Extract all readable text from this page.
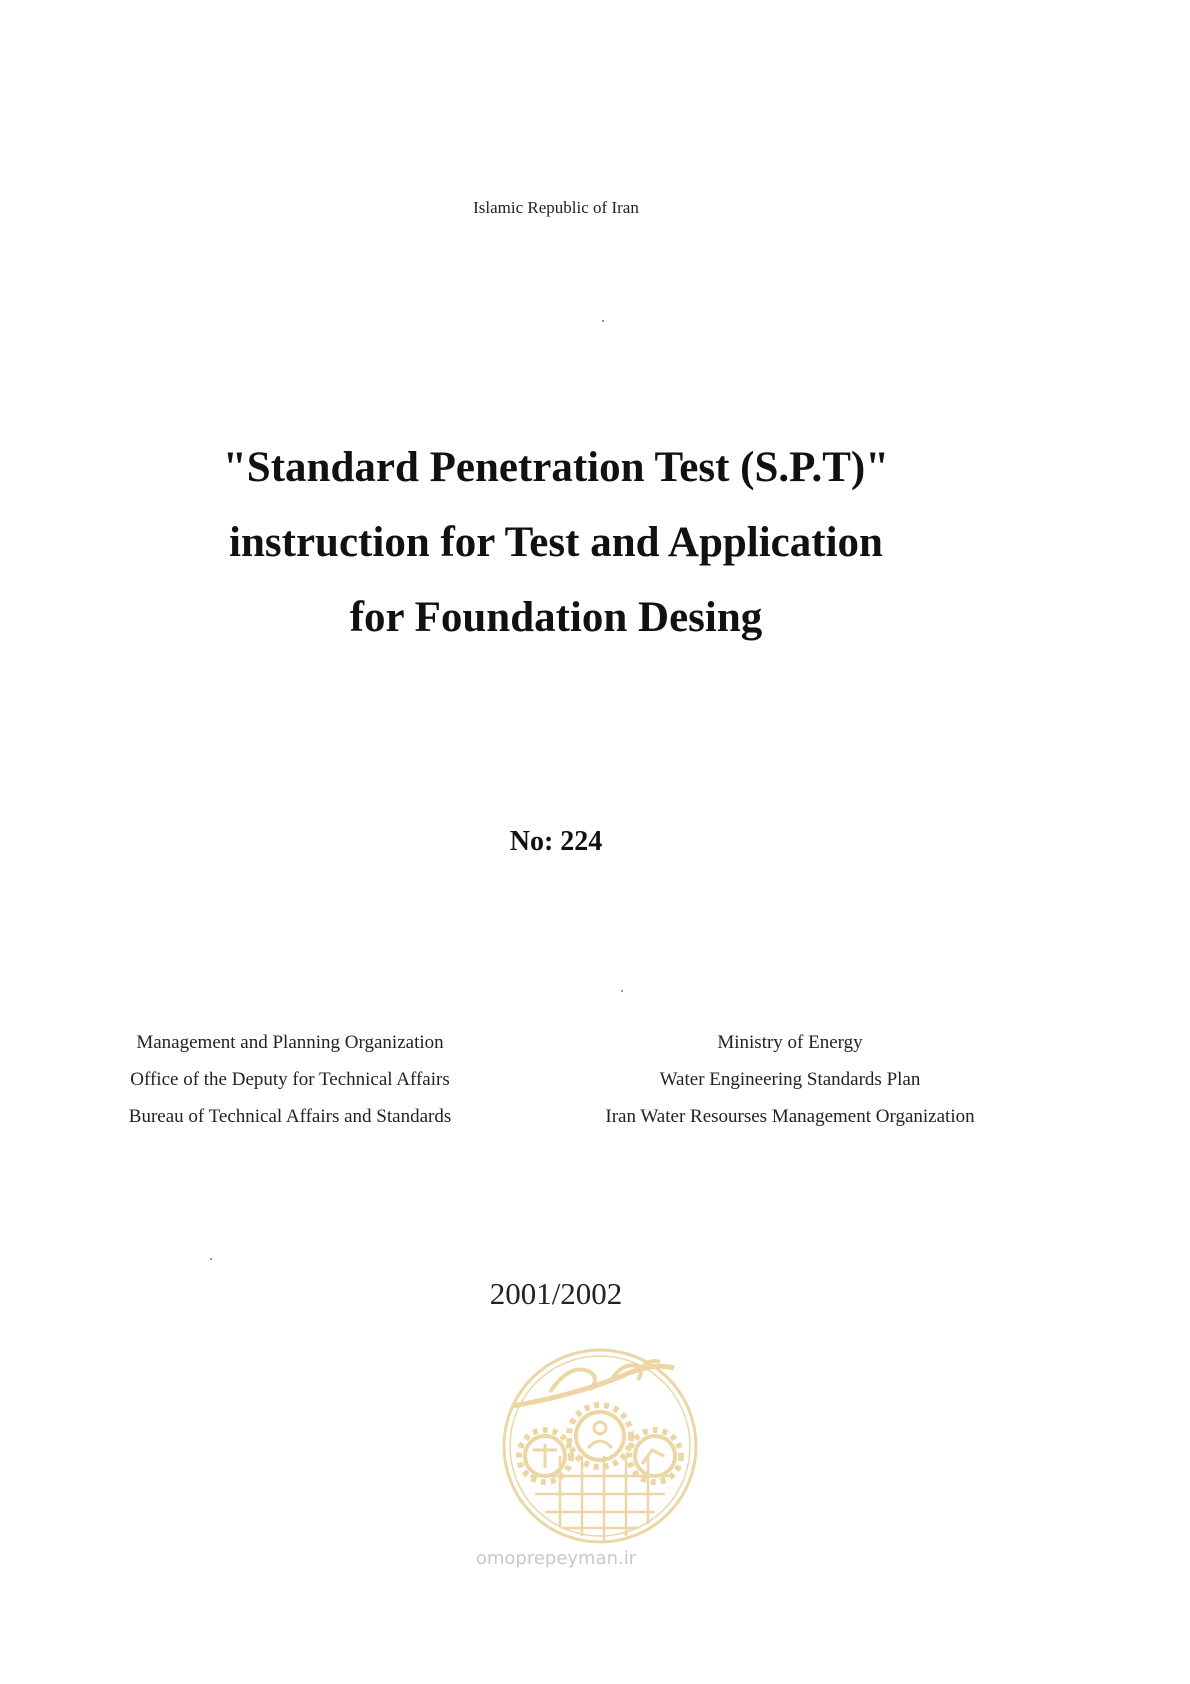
Islamic Republic of Iran
"Standard Penetration Test (S.P.T)"
instruction for Test and Application
for Foundation Desing
No: 224
Management and Planning Organization
Office of the Deputy for Technical Affairs
Bureau of Technical Affairs and Standards
Ministry of Energy
Water Engineering Standards Plan
Iran Water Resourses Management Organization
2001/2002
omoprepeyman.ir
